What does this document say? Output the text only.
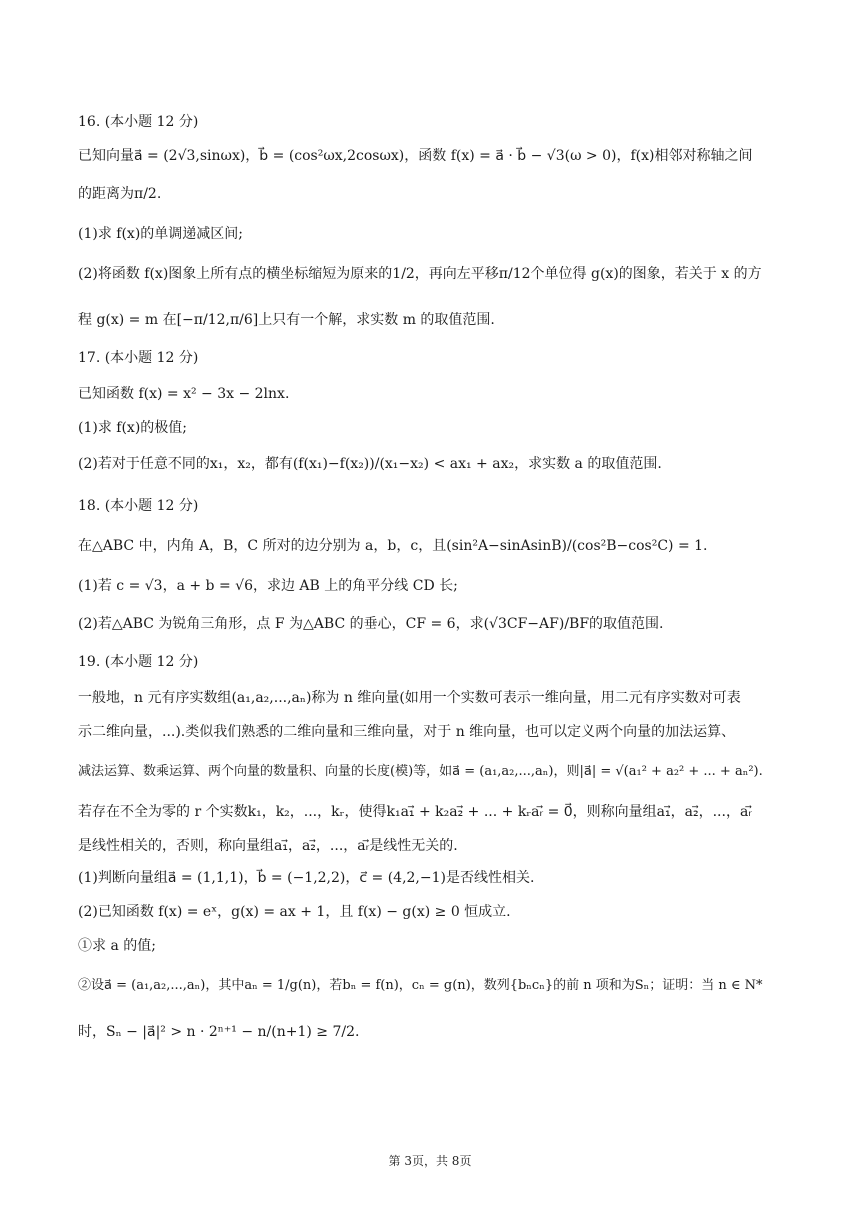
16. (本小题 12 分)
已知向量a⃗ = (2√3,sinωx)，b⃗ = (cos²ωx,2cosωx)，函数 f(x) = a⃗ · b⃗ − √3(ω > 0)，f(x)相邻对称轴之间
的距离为π/2.
(1)求 f(x)的单调递减区间;
(2)将函数 f(x)图象上所有点的横坐标缩短为原来的1/2，再向左平移π/12个单位得 g(x)的图象，若关于 x 的方
程 g(x) = m 在[−π/12,π/6]上只有一个解，求实数 m 的取值范围.
17. (本小题 12 分)
已知函数 f(x) = x² − 3x − 2lnx.
(1)求 f(x)的极值;
(2)若对于任意不同的x₁，x₂，都有(f(x₁)−f(x₂))/(x₁−x₂) < ax₁ + ax₂，求实数 a 的取值范围.
18. (本小题 12 分)
在△ABC 中，内角 A，B，C 所对的边分别为 a，b，c，且(sin²A−sinAsinB)/(cos²B−cos²C) = 1.
(1)若 c = √3，a + b = √6，求边 AB 上的角平分线 CD 长;
(2)若△ABC 为锐角三角形，点 F 为△ABC 的垂心，CF = 6，求(√3CF−AF)/BF的取值范围.
19. (本小题 12 分)
一般地，n 元有序实数组(a₁,a₂,...,aₙ)称为 n 维向量(如用一个实数可表示一维向量，用二元有序实数对可表
示二维向量，...).类似我们熟悉的二维向量和三维向量，对于 n 维向量，也可以定义两个向量的加法运算、
减法运算、数乘运算、两个向量的数量积、向量的长度(模)等，如a⃗ = (a₁,a₂,...,aₙ)，则|a⃗| = √(a₁² + a₂² + ... + aₙ²).
若存在不全为零的 r 个实数k₁，k₂，...，kᵣ，使得k₁a₁⃗ + k₂a₂⃗ + ... + kᵣaᵣ⃗ = 0⃗，则称向量组a₁⃗，a₂⃗，...，aᵣ⃗
是线性相关的，否则，称向量组a₁⃗，a₂⃗，...，aᵣ⃗是线性无关的.
(1)判断向量组a⃗ = (1,1,1)，b⃗ = (−1,2,2)，c⃗ = (4,2,−1)是否线性相关.
(2)已知函数 f(x) = eˣ，g(x) = ax + 1，且 f(x) − g(x) ≥ 0 恒成立.
①求 a 的值;
②设a⃗ = (a₁,a₂,...,aₙ)，其中aₙ = 1/g(n)，若bₙ = f(n)，cₙ = g(n)，数列{bₙcₙ}的前 n 项和为Sₙ；证明：当 n ∈ N*
时，Sₙ − |a⃗|² > n · 2ⁿ⁺¹ − n/(n+1) ≥ 7/2.
第 3页，共 8页
